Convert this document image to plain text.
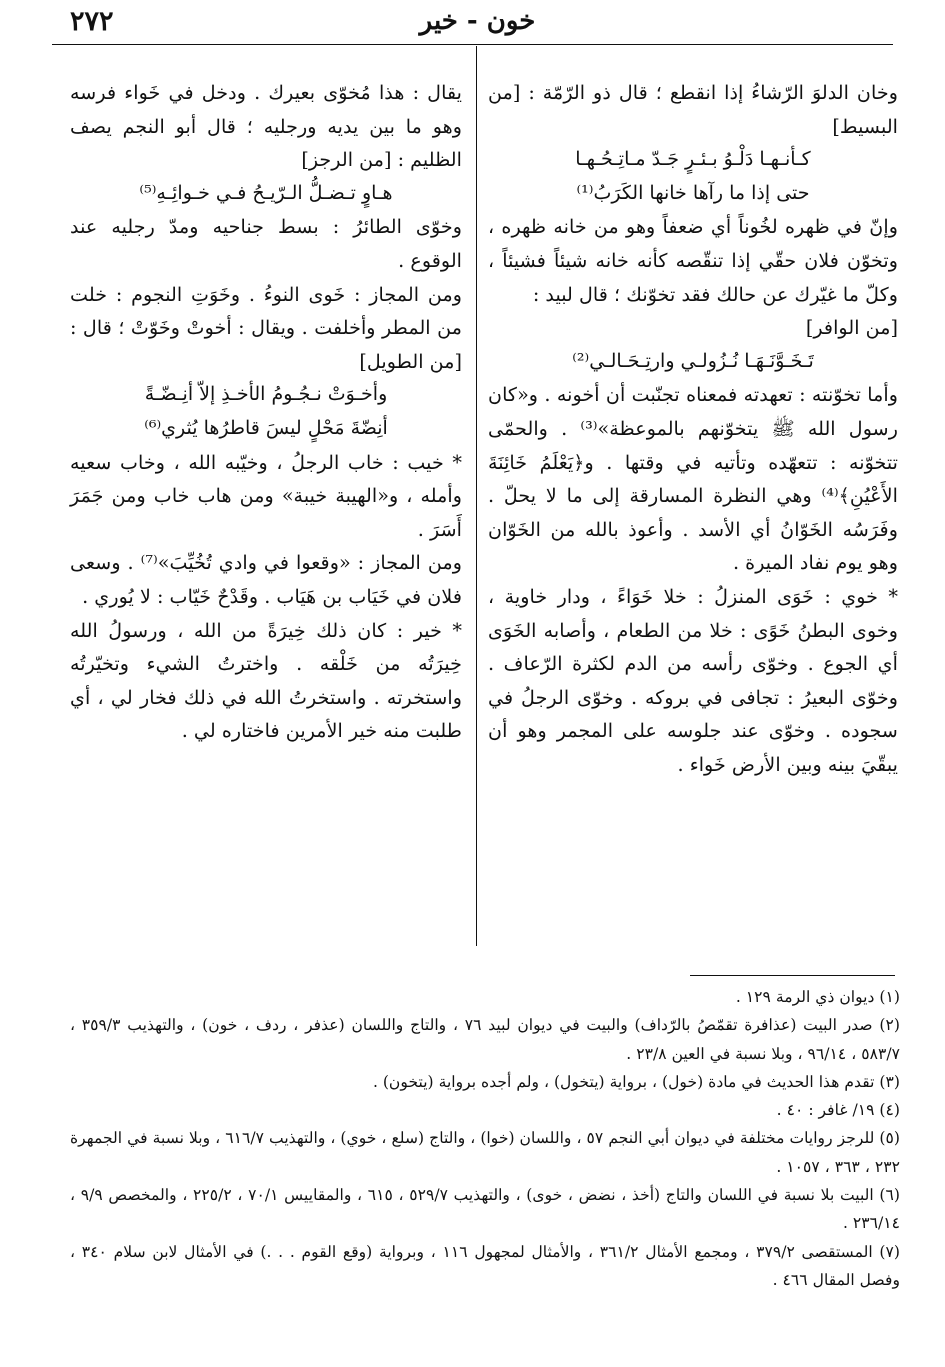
٢٧٢	خون - خير

وخان الدلوَ الرّشاءُ إذا انقطع ؛ قال ذو الرّمّة : [من البسيط]

كـأنـهـا دَلْـوُ بـئـرٍ جَـدّ مـاتِـحُـهـا

حتى إذا ما رآها خانها الكَرَبُ⁽¹⁾

وإنّ في ظهره لخُوناً أي ضعفاً وهو من خانه ظهره ، وتخوّن فلان حقّي إذا تنقّصه كأنه خانه شيئاً فشيئاً ، وكلّ ما غيّرك عن حالك فقد تخوّنك ؛ قال لبيد :

[من الوافر]

تَـخَـوَّنَـهَـا نُـزُولـي وارتِـحَـالـي⁽²⁾

وأما تخوّنته : تعهدته فمعناه تجنّبت أن أخونه . و«كان رسول الله ﷺ يتخوّنهم بالموعظة»⁽³⁾ . والحمّى تتخوّنه : تتعهّده وتأتيه في وقتها . و﴿يَعْلَمُ خَائِنَةَ الأَعْيُنِ﴾⁽⁴⁾ وهي النظرة المسارقة إلى ما لا يحلّ . وفَرَسُه الخَوّانُ أي الأسد . وأعوذ بالله من الخَوّان وهو يوم نفاد الميرة .

* خوي : خَوَى المنزلُ : خلا خَوَاءً ، ودار خاوية ، وخوى البطنُ خَوًى : خلا من الطعام ، وأصابه الخَوَى أي الجوع . وخوّى رأسه من الدم لكثرة الرّعاف . وخوّى البعيرُ : تجافى في بروكه . وخوّى الرجلُ في سجوده . وخوّى عند جلوسه على المجمر وهو أن يبقّيَ بينه وبين الأرض خَواء .

يقال : هذا مُخوّى بعيرك . ودخل في خَواء فرسه وهو ما بين يديه ورجليه ؛ قال أبو النجم يصف الظليم : [من الرجز]

هـاوٍ تـضـلُّ الـرّيـحُ فـي خـوائِـهِ⁽⁵⁾

وخوّى الطائرُ : بسط جناحيه ومدّ رجليه عند الوقوع .

ومن المجاز : خَوى النوءُ . وخَوَتِ النجوم : خلت من المطر وأخلفت . ويقال : أخوتْ وخَوّتْ ؛ قال : [من الطويل]

وأخـوَتْ نـجُـومُ الأخـذِ إلاّ أنِـضّـةً

أنِضّةَ مَحْلٍ ليسَ قاطرُها يُثري⁽⁶⁾

* خيب : خاب الرجلُ ، وخيّبه الله ، وخاب سعيه وأمله ، و«الهيبة خيبة» ومن هاب خاب ومن جَمَرَ أَسَرَ .

ومن المجاز : «وقعوا في وادي تُخُيِّبَ»⁽⁷⁾ . وسعى فلان في خَيَاب بن هَيَاب . وقَدْحٌ خَيّاب : لا يُوري .

* خير : كان ذلك خِيرَةً من الله ، ورسولُ الله خِيرَتُه من خَلْقه . واخترتُ الشيء وتخيّرتُه واستخرته . واستخرتُ الله في ذلك فخار لي ، أي طلبت منه خير الأمرين فاختاره لي .

(١) ديوان ذي الرمة ١٢٩ .

(٢) صدر البيت (عذافرة تقمّصُ بالرّداف) والبيت في ديوان لبيد ٧٦ ، والتاج واللسان (عذفر ، ردف ، خون) ، والتهذيب ٣٥٩/٣ ، ٥٨٣/٧ ، ٩٦/١٤ ، وبلا نسبة في العين ٢٣/٨ .

(٣) تقدم هذا الحديث في مادة (خول) ، برواية (يتخول) ، ولم أجده برواية (يتخون) .

(٤) ١٩/ غافر : ٤٠ .

(٥) للرجز روايات مختلفة في ديوان أبي النجم ٥٧ ، واللسان (خوا) ، والتاج (سلع ، خوي) ، والتهذيب ٦١٦/٧ ، وبلا نسبة في الجمهرة ٢٣٢ ، ٣٦٣ ، ١٠٥٧ .

(٦) البيت بلا نسبة في اللسان والتاج (أخذ ، نضض ، خوى) ، والتهذيب ٥٢٩/٧ ، ٦١٥ ، والمقاييس ٧٠/١ ، ٢٢٥/٢ ، والمخصص ٩/٩ ، ٢٣٦/١٤ .

(٧) المستقصى ٣٧٩/٢ ، ومجمع الأمثال ٣٦١/٢ ، والأمثال لمجهول ١١٦ ، وبرواية (وقع القوم . . .) في الأمثال لابن سلام ٣٤٠ ، وفصل المقال ٤٦٦ .
